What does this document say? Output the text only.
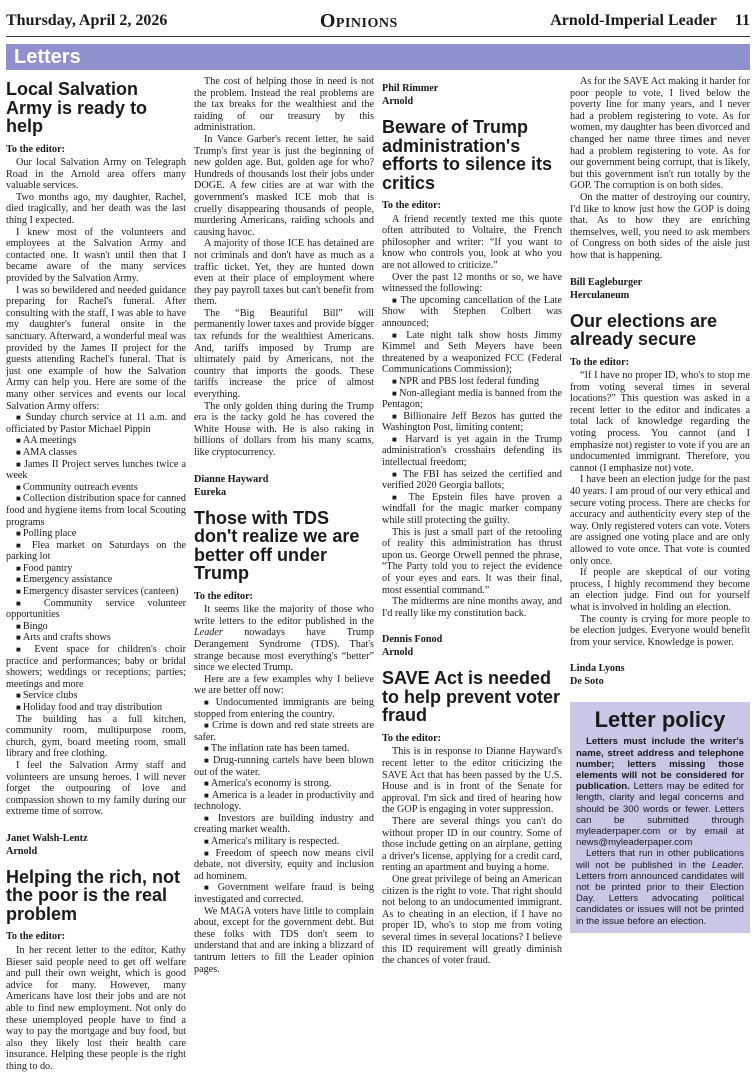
Thursday, April 2, 2026	Opinions	Arnold-Imperial Leader 11
Letters
Local Salvation Army is ready to help
To the editor:

Our local Salvation Army on Telegraph Road in the Arnold area offers many valuable services.

Two months ago, my daughter, Rachel, died tragically, and her death was the last thing I expected.

I knew most of the volunteers and employees at the Salvation Army and contacted one. It wasn't until then that I became aware of the many services provided by the Salvation Army.

I was so bewildered and needed guidance preparing for Rachel's funeral. After consulting with the staff, I was able to have my daughter's funeral onsite in the sanctuary. Afterward, a wonderful meal was provided by the James II project for the guests attending Rachel's funeral. That is just one example of how the Salvation Army can help you. Here are some of the many other services and events our local Salvation Army offers:

■ Sunday church service at 11 a.m. and officiated by Pastor Michael Pippin

■ AA meetings

■ AMA classes

■ James II Project serves lunches twice a week

■ Community outreach events

■ Collection distribution space for canned food and hygiene items from local Scouting programs

■ Polling place

■ Flea market on Saturdays on the parking lot

■ Food pantry

■ Emergency assistance

■ Emergency disaster services (canteen)

■ Community service volunteer opportunities

■ Bingo

■ Arts and crafts shows

■ Event space for children's choir practice and performances; baby or bridal showers; weddings or receptions; parties; meetings and more

■ Service clubs

■ Holiday food and tray distribution

The building has a full kitchen, community room, multipurpose room, church, gym, board meeting room, small library and free clothing.

I feel the Salvation Army staff and volunteers are unsung heroes. I will never forget the outpouring of love and compassion shown to my family during our extreme time of sorrow.

Janet Walsh-Lentz
Arnold
Helping the rich, not the poor is the real problem
To the editor:

In her recent letter to the editor, Kathy Bieser said people need to get off welfare and pull their own weight, which is good advice for many. However, many Americans have lost their jobs and are not able to find new employment. Not only do these unemployed people have to find a way to pay the mortgage and buy food, but also they likely lost their health care insurance. Helping these people is the right thing to do.

The cost of helping those in need is not the problem. Instead the real problems are the tax breaks for the wealthiest and the raiding of our treasury by this administration.

In Vance Garber's recent letter, he said Trump's first year is just the beginning of new golden age. But, golden age for who? Hundreds of thousands lost their jobs under DOGE. A few cities are at war with the government's masked ICE mob that is cruelly disappearing thousands of people, murdering Americans, raiding schools and causing havoc.

A majority of those ICE has detained are not criminals and don't have as much as a traffic ticket. Yet, they are hunted down even at their place of employment where they pay payroll taxes but can't benefit from them.

The “Big Beautiful Bill” will permanently lower taxes and provide bigger tax refunds for the wealthiest Americans. And, tariffs imposed by Trump are ultimately paid by Americans, not the country that imports the goods. These tariffs increase the price of almost everything.

The only golden thing during the Trump era is the tacky gold he has covered the White House with. He is also raking in billions of dollars from his many scams, like cryptocurrency.

Dianne Hayward
Eureka
Those with TDS don't realize we are better off under Trump
To the editor:

It seems like the majority of those who write letters to the editor published in the Leader nowadays have Trump Derangement Syndrome (TDS). That's strange because most everything's “better” since we elected Trump.

Here are a few examples why I believe we are better off now:

■ Undocumented immigrants are being stopped from entering the country.

■ Crime is down and red state streets are safer.

■ The inflation rate has been tamed.

■ Drug-running cartels have been blown out of the water.

■ America's economy is strong.

■ America is a leader in productivity and technology.

■ Investors are building industry and creating market wealth.

■ America's military is respected.

■ Freedom of speech now means civil debate, not diversity, equity and inclusion ad hominem.

■ Government welfare fraud is being investigated and corrected.

We MAGA voters have little to complain about, except for the government debt. But these folks with TDS don't seem to understand that and are inking a blizzard of tantrum letters to fill the Leader opinion pages.

Phil Rimmer
Arnold
Beware of Trump administration's efforts to silence its critics
To the editor:

A friend recently texted me this quote often attributed to Voltaire, the French philosopher and writer: “If you want to know who controls you, look at who you are not allowed to criticize.”

Over the past 12 months or so, we have witnessed the following:

■ The upcoming cancellation of the Late Show with Stephen Colbert was announced;

■ Late night talk show hosts Jimmy Kimmel and Seth Meyers have been threatened by a weaponized FCC (Federal Communications Commission);

■ NPR and PBS lost federal funding

■ Non-allegiant media is banned from the Pentagon;

■ Billionaire Jeff Bezos has gutted the Washington Post, limiting content;

■ Harvard is yet again in the Trump administration's crosshairs defending its intellectual freedom;

■ The FBI has seized the certified and verified 2020 Georgia ballots;

■ The Epstein files have proven a windfall for the magic marker company while still protecting the guilty.

This is just a small part of the retooling of reality this administration has thrust upon us. George Orwell penned the phrase, “The Party told you to reject the evidence of your eyes and ears. It was their final, most essential command.”

The midterms are nine months away, and I'd really like my constitution back.

Dennis Fonod
Arnold
SAVE Act is needed to help prevent voter fraud
To the editor:

This is in response to Dianne Hayward's recent letter to the editor criticizing the SAVE Act that has been passed by the U.S. House and is in front of the Senate for approval. I'm sick and tired of hearing how the GOP is engaging in voter suppression.

There are several things you can't do without proper ID in our country. Some of those include getting on an airplane, getting a driver's license, applying for a credit card, renting an apartment and buying a home.

One great privilege of being an American citizen is the right to vote. That right should not belong to an undocumented immigrant. As to cheating in an election, if I have no proper ID, who's to stop me from voting several times in several locations? I believe this ID requirement will greatly diminish the chances of voter fraud.

As for the SAVE Act making it harder for poor people to vote, I lived below the poverty line for many years, and I never had a problem registering to vote. As for women, my daughter has been divorced and changed her name three times and never had a problem registering to vote. As for our government being corrupt, that is likely, but this government isn't run totally by the GOP. The corruption is on both sides.

On the matter of destroying our country, I'd like to know just how the GOP is doing that. As to how they are enriching themselves, well, you need to ask members of Congress on both sides of the aisle just how that is happening.

Bill Eagleburger
Herculaneum
Our elections are already secure
To the editor:

“If I have no proper ID, who's to stop me from voting several times in several locations?” This question was asked in a recent letter to the editor and indicates a total lack of knowledge regarding the voting process. You cannot (and I emphasize not) register to vote if you are an undocumented immigrant. Therefore, you cannot (I emphasize not) vote.

I have been an election judge for the past 40 years. I am proud of our very ethical and secure voting process. There are checks for accuracy and authenticity every step of the way. Only registered voters can vote. Voters are assigned one voting place and are only allowed to vote once. That vote is counted only once.

If people are skeptical of our voting process, I highly recommend they become an election judge. Find out for yourself what is involved in holding an election.

The county is crying for more people to be election judges. Everyone would benefit from your service. Knowledge is power.

Linda Lyons
De Soto
Letter policy

Letters must include the writer's name, street address and telephone number; letters missing those elements will not be considered for publication. Letters may be edited for length, clarity and legal concerns and should be 300 words or fewer. Letters can be submitted through myleaderpaper.com or by email at news@myleaderpaper.com

Letters that run in other publications will not be published in the Leader. Letters from announced candidates will not be printed prior to their Election Day. Letters advocating political candidates or issues will not be printed in the issue before an election.
